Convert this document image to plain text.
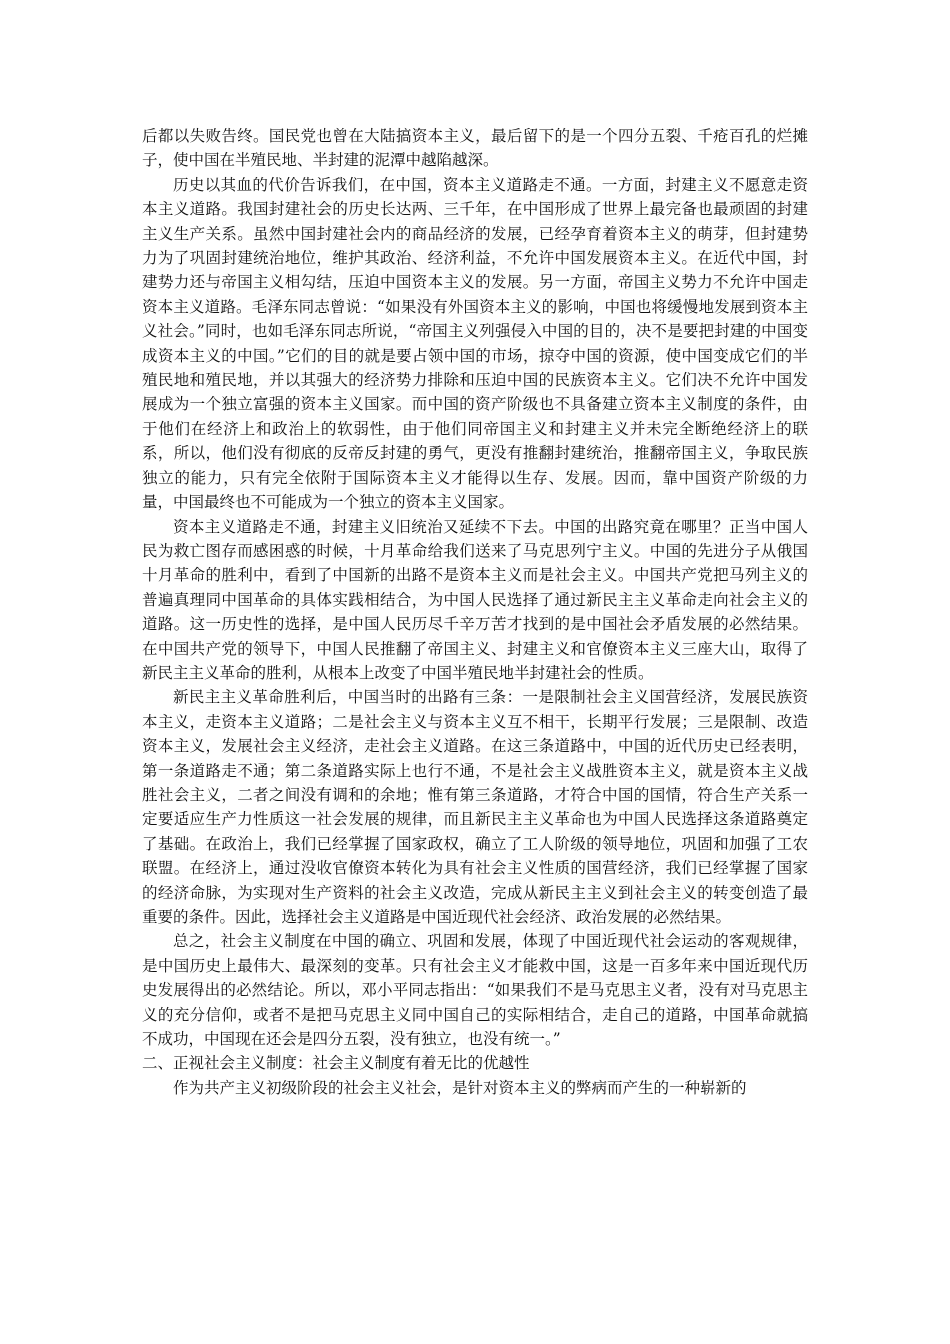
后都以失败告终。国民党也曾在大陆搞资本主义，最后留下的是一个四分五裂、千疮百孔的烂摊子，使中国在半殖民地、半封建的泥潭中越陷越深。

历史以其血的代价告诉我们，在中国，资本主义道路走不通。一方面，封建主义不愿意走资本主义道路。我国封建社会的历史长达两、三千年，在中国形成了世界上最完备也最顽固的封建主义生产关系。虽然中国封建社会内的商品经济的发展，已经孕育着资本主义的萌芽，但封建势力为了巩固封建统治地位，维护其政治、经济利益，不允许中国发展资本主义。在近代中国，封建势力还与帝国主义相勾结，压迫中国资本主义的发展。另一方面，帝国主义势力不允许中国走资本主义道路。毛泽东同志曾说：“如果没有外国资本主义的影响，中国也将缓慢地发展到资本主义社会。”同时，也如毛泽东同志所说，“帝国主义列强侵入中国的目的，决不是要把封建的中国变成资本主义的中国。”它们的目的就是要占领中国的市场，掠夺中国的资源，使中国变成它们的半殖民地和殖民地，并以其强大的经济势力排除和压迫中国的民族资本主义。它们决不允许中国发展成为一个独立富强的资本主义国家。而中国的资产阶级也不具备建立资本主义制度的条件，由于他们在经济上和政治上的软弱性，由于他们同帝国主义和封建主义并未完全断绝经济上的联系，所以，他们没有彻底的反帝反封建的勇气，更没有推翻封建统治，推翻帝国主义，争取民族独立的能力，只有完全依附于国际资本主义才能得以生存、发展。因而，靠中国资产阶级的力量，中国最终也不可能成为一个独立的资本主义国家。

资本主义道路走不通，封建主义旧统治又延续不下去。中国的出路究竟在哪里？正当中国人民为救亡图存而感困惑的时候，十月革命给我们送来了马克思列宁主义。中国的先进分子从俄国十月革命的胜利中，看到了中国新的出路不是资本主义而是社会主义。中国共产党把马列主义的普遍真理同中国革命的具体实践相结合，为中国人民选择了通过新民主主义革命走向社会主义的道路。这一历史性的选择，是中国人民历尽千辛万苦才找到的是中国社会矛盾发展的必然结果。在中国共产党的领导下，中国人民推翻了帝国主义、封建主义和官僚资本主义三座大山，取得了新民主主义革命的胜利，从根本上改变了中国半殖民地半封建社会的性质。

新民主主义革命胜利后，中国当时的出路有三条：一是限制社会主义国营经济，发展民族资本主义，走资本主义道路；二是社会主义与资本主义互不相干，长期平行发展；三是限制、改造资本主义，发展社会主义经济，走社会主义道路。在这三条道路中，中国的近代历史已经表明，第一条道路走不通；第二条道路实际上也行不通，不是社会主义战胜资本主义，就是资本主义战胜社会主义，二者之间没有调和的余地；惟有第三条道路，才符合中国的国情，符合生产关系一定要适应生产力性质这一社会发展的规律，而且新民主主义革命也为中国人民选择这条道路奠定了基础。在政治上，我们已经掌握了国家政权，确立了工人阶级的领导地位，巩固和加强了工农联盟。在经济上，通过没收官僚资本转化为具有社会主义性质的国营经济，我们已经掌握了国家的经济命脉，为实现对生产资料的社会主义改造，完成从新民主主义到社会主义的转变创造了最重要的条件。因此，选择社会主义道路是中国近现代社会经济、政治发展的必然结果。

总之，社会主义制度在中国的确立、巩固和发展，体现了中国近现代社会运动的客观规律，是中国历史上最伟大、最深刻的变革。只有社会主义才能救中国，这是一百多年来中国近现代历史发展得出的必然结论。所以，邓小平同志指出：“如果我们不是马克思主义者，没有对马克思主义的充分信仰，或者不是把马克思主义同中国自己的实际相结合，走自己的道路，中国革命就搞不成功，中国现在还会是四分五裂，没有独立，也没有统一。”

二、正视社会主义制度：社会主义制度有着无比的优越性

作为共产主义初级阶段的社会主义社会，是针对资本主义的弊病而产生的一种崭新的
